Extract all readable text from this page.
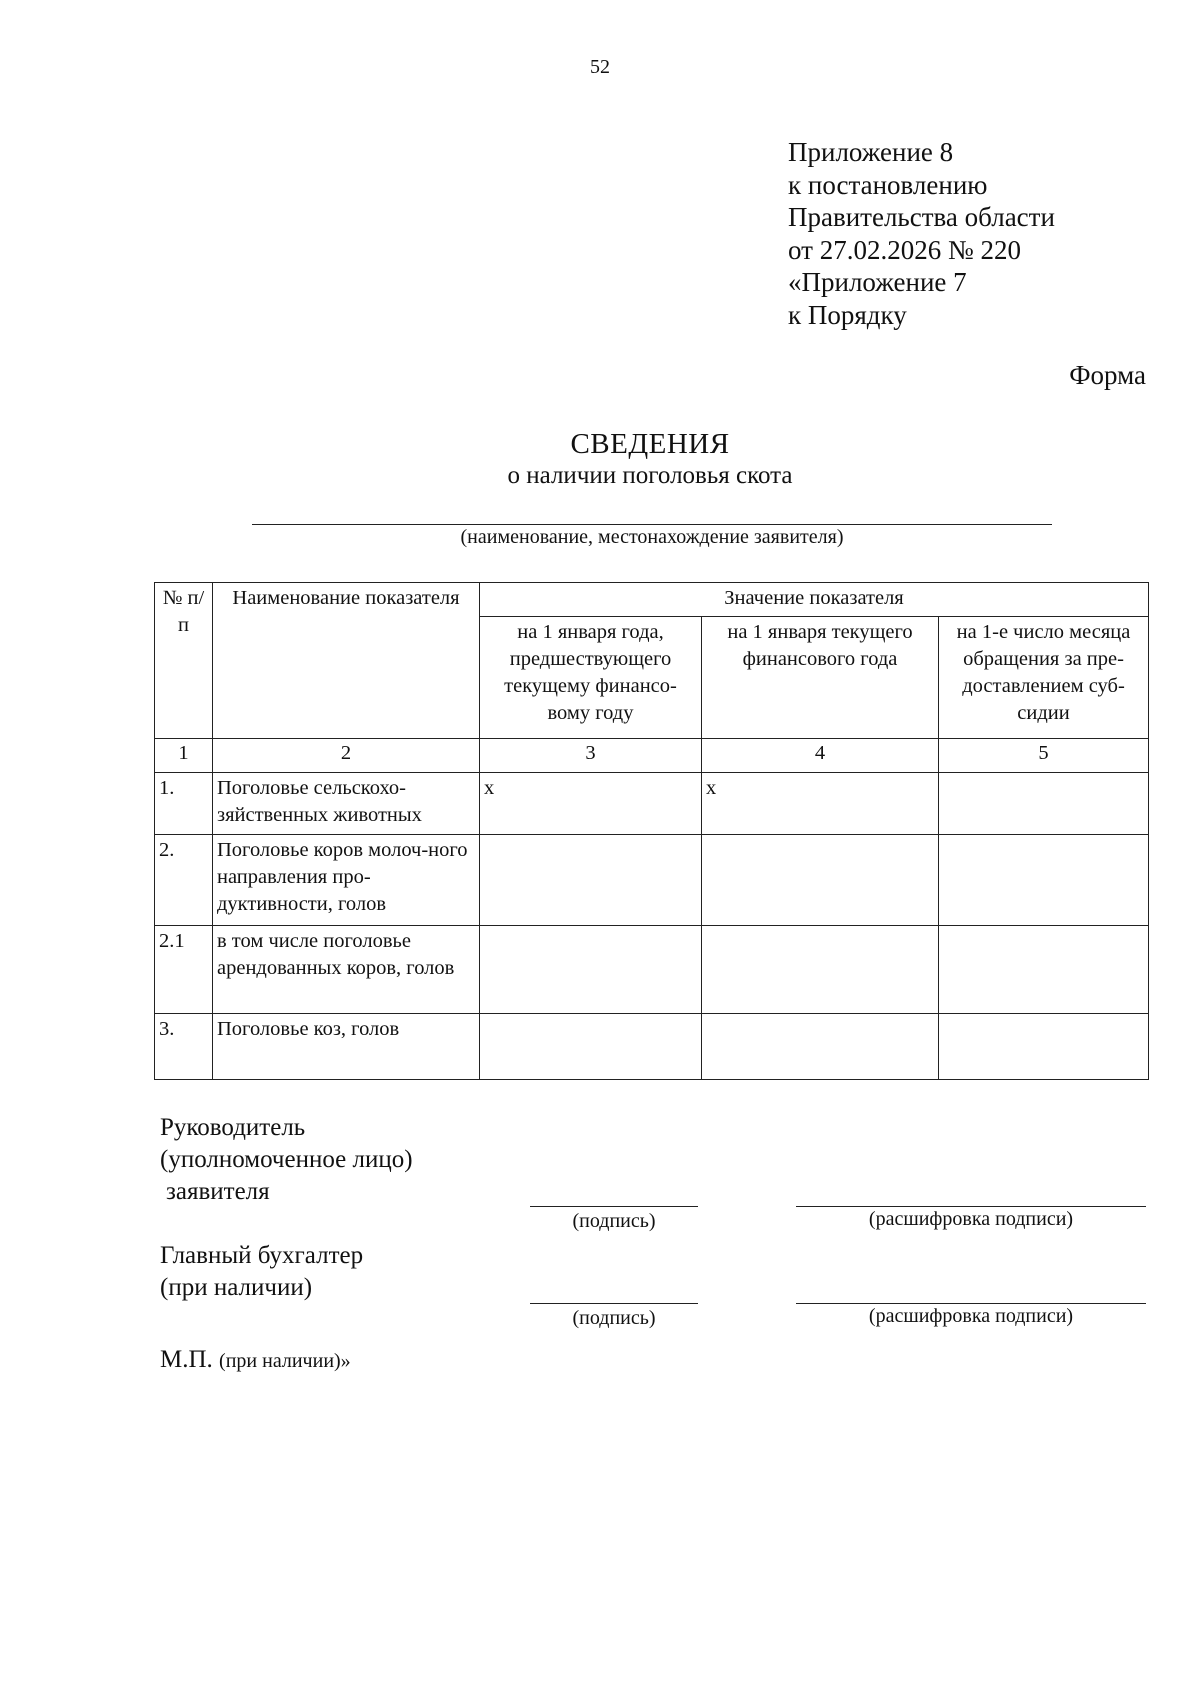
52
Приложение 8
к постановлению
Правительства области
от 27.02.2026 № 220
«Приложение 7
к Порядку
Форма
СВЕДЕНИЯ
о наличии поголовья скота
(наименование, местонахождение заявителя)
№ п/п	Наименование показателя	Значение показателя		
		на 1 января года, предшествующего текущему финансо-вому году	на 1 января текущего финансового года	на 1-е число месяца обращения за пре-доставлением суб-сидии
1	2	3	4	5
1.	Поголовье сельскохо-зяйственных животных	x	x	
2.	Поголовье коров молоч-ного направления про-дуктивности, голов			
2.1	в том числе поголовье арендованных коров, голов			
3.	Поголовье коз, голов			
Руководитель
(уполномоченное лицо)
заявителя
(подпись)	(расшифровка подписи)
Главный бухгалтер
(при наличии)
(подпись)	(расшифровка подписи)
М.П. (при наличии)»
